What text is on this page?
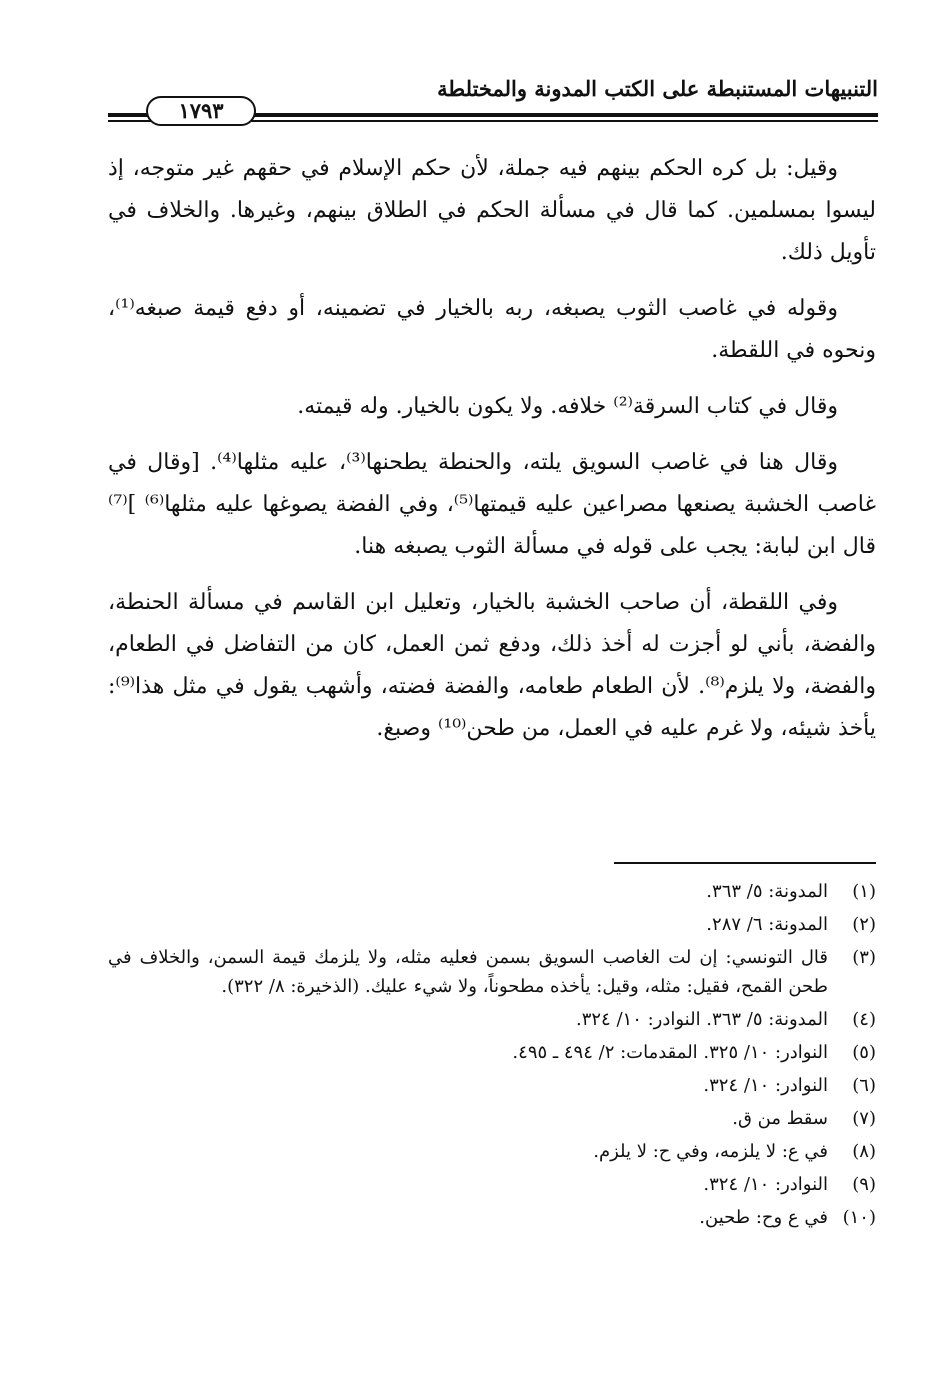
التنبيهات المستنبطة على الكتب المدونة والمختلطة
١٧٩٣

وقيل: بل كره الحكم بينهم فيه جملة، لأن حكم الإسلام في حقهم غير متوجه، إذ ليسوا بمسلمين. كما قال في مسألة الحكم في الطلاق بينهم، وغيرها. والخلاف في تأويل ذلك.

وقوله في غاصب الثوب يصبغه، ربه بالخيار في تضمينه، أو دفع قيمة صبغه⁽¹⁾، ونحوه في اللقطة.

وقال في كتاب السرقة⁽²⁾ خلافه. ولا يكون بالخيار. وله قيمته.

وقال هنا في غاصب السويق يلته، والحنطة يطحنها⁽³⁾، عليه مثلها⁽⁴⁾. [وقال في غاصب الخشبة يصنعها مصراعين عليه قيمتها⁽⁵⁾، وفي الفضة يصوغها عليه مثلها⁽⁶⁾ ]⁽⁷⁾ قال ابن لبابة: يجب على قوله في مسألة الثوب يصبغه هنا.

وفي اللقطة، أن صاحب الخشبة بالخيار، وتعليل ابن القاسم في مسألة الحنطة، والفضة، بأني لو أجزت له أخذ ذلك، ودفع ثمن العمل، كان من التفاضل في الطعام، والفضة، ولا يلزم⁽⁸⁾. لأن الطعام طعامه، والفضة فضته، وأشهب يقول في مثل هذا⁽⁹⁾: يأخذ شيئه، ولا غرم عليه في العمل، من طحن⁽¹⁰⁾ وصبغ.

(١)
المدونة: ٥/ ٣٦٣.
(٢)
المدونة: ٦/ ٢٨٧.
(٣)
قال التونسي: إن لت الغاصب السويق بسمن فعليه مثله، ولا يلزمك قيمة السمن، والخلاف في طحن القمح، فقيل: مثله، وقيل: يأخذه مطحوناً، ولا شيء عليك. (الذخيرة: ٨/ ٣٢٢).
(٤)
المدونة: ٥/ ٣٦٣. النوادر: ١٠/ ٣٢٤.
(٥)
النوادر: ١٠/ ٣٢٥. المقدمات: ٢/ ٤٩٤ ـ ٤٩٥.
(٦)
النوادر: ١٠/ ٣٢٤.
(٧)
سقط من ق.
(٨)
في ع: لا يلزمه، وفي ح: لا يلزم.
(٩)
النوادر: ١٠/ ٣٢٤.
(١٠)
في ع وح: طحين.
